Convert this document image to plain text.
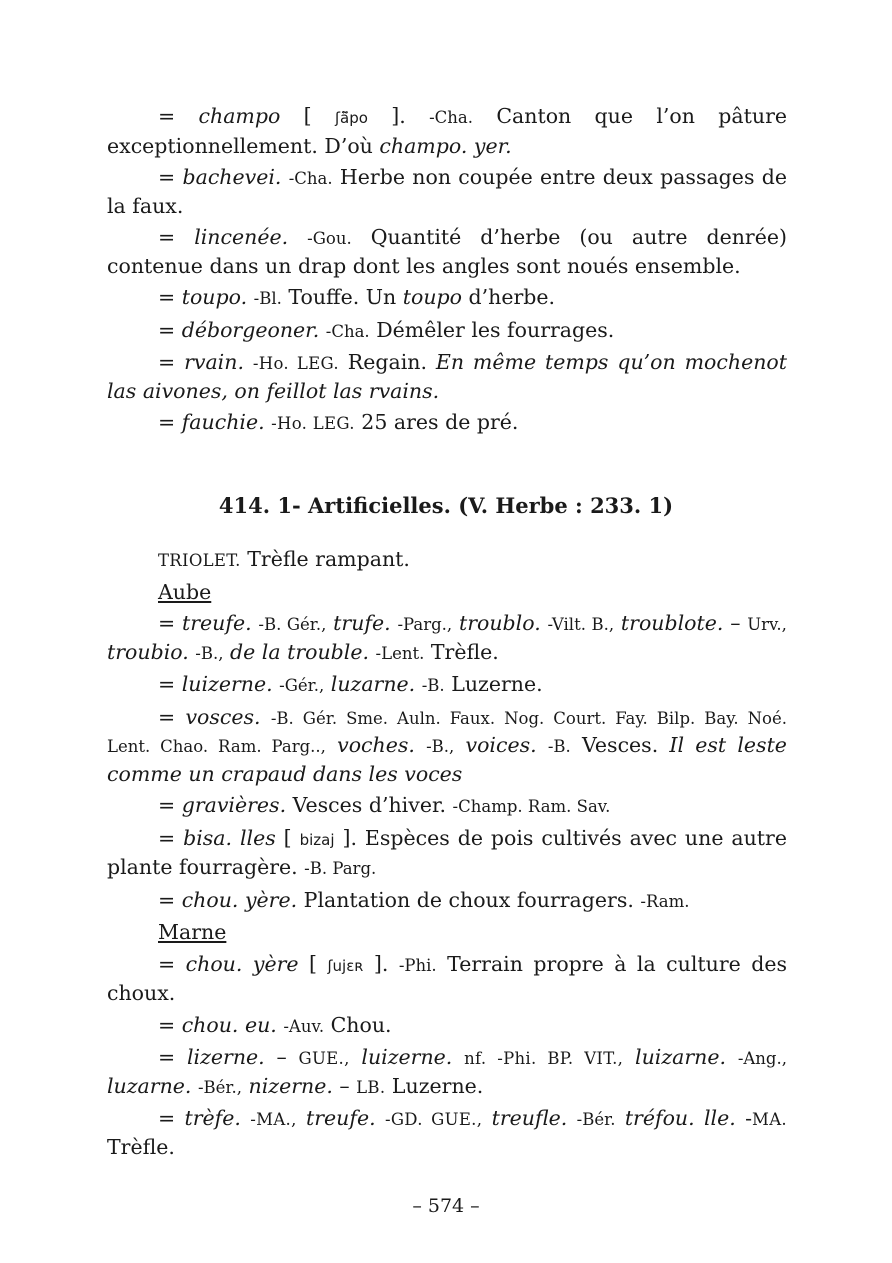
= champo [ ʃã̃po ]. -Cha. Canton que l’on pâture exceptionnellement. D’où champo. yer.

= bachevei. -Cha. Herbe non coupée entre deux passages de la faux.

= lincenée. -Gou. Quantité d’herbe (ou autre denrée) contenue dans un drap dont les angles sont noués ensemble.

= toupo. -Bl. Touffe. Un toupo d’herbe.

= déborgeoner. -Cha. Démêler les fourrages.

= rvain. -Ho. LEG. Regain. En même temps qu’on mochenot las aivones, on feillot las rvains.

= fauchie. -Ho. LEG. 25 ares de pré.

414. 1- Artificielles. (V. Herbe : 233. 1)

TRIOLET. Trèfle rampant.

Aube

= treufe. -B. Gér., trufe. -Parg., troublo. -Vilt. B., troublote. – Urv., troubio. -B., de la trouble. -Lent. Trèfle.

= luizerne. -Gér., luzarne. -B. Luzerne.

= vosces. -B. Gér. Sme. Auln. Faux. Nog. Court. Fay. Bilp. Bay. Noé. Lent. Chao. Ram. Parg.., voches. -B., voices. -B. Vesces. Il est leste comme un crapaud dans les voces

= gravières. Vesces d’hiver. -Champ. Ram. Sav.

= bisa. lles [ bizaj ]. Espèces de pois cultivés avec une autre plante fourragère. -B. Parg.

= chou. yère. Plantation de choux fourragers. -Ram.

Marne

= chou. yère [ ʃujɛʀ ]. -Phi. Terrain propre à la culture des choux.

= chou. eu. -Auv. Chou.

= lizerne. – GUE., luizerne. nf. -Phi. BP. VIT., luizarne. -Ang., luzarne. -Bér., nizerne. – LB. Luzerne.

= trèfe. -MA., treufe. -GD. GUE., treufle. -Bér. tréfou. lle. -MA. Trèfle.

– 574 –
